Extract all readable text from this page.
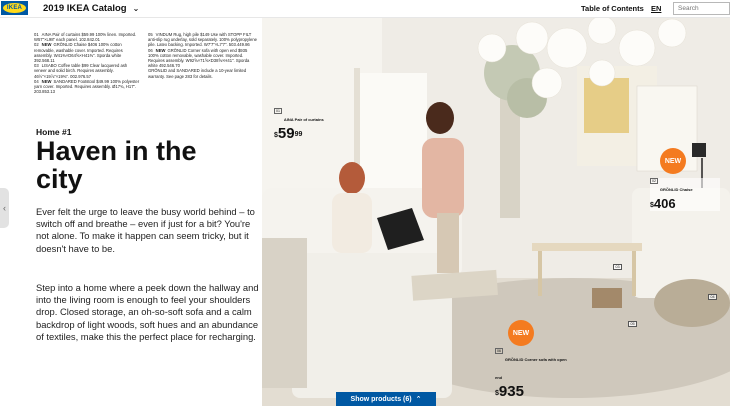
IKEA 2019 IKEA Catalog ⌄	Table of Contents EN
Search
‹

01 AINA Pair of curtains $59.99 100% linen. Imported. W57"×L98" each panel. 102.842.01

02 NEW GRÖNLID Chaise $406 100% cotton removable, washable cover. Imported. Requires assembly. W41⅜×D64⅝×H41⅜". Sporda white 392.568.11

03 LISABO Coffee table $99 Clear lacquered ash veneer and solid birch. Requires assembly. 46½"×19⅞"×19⅜". 002.976.57

04 NEW SANDARED Footstool $49.99 100% polyester yarn cover. Imported. Requires assembly. Ø17¾, H17". 203.853.13

05 VINDUM Rug, high pile $149 Use with STOPP FILT anti-slip rug underlay, sold separately. 100% polypropylene pile. Latex backing. Imported. W7'7"×L7'7". 503.449.86

06 NEW GRÖNLID Corner sofa with open end $935 100% cotton removable, washable cover. Imported. Requires assembly. W92⅝×71⅝×D38⅝×H41". Sporda white 492.546.70

GRÖNLID and SANDARED include a 10-year limited warranty. See page 283 for details.

Home #1
Haven in the city
Ever felt the urge to leave the busy world behind – to switch off and breathe – even if just for a bit? You're not alone. To make it happen can seem tricky, but it doesn't have to be.
Step into a home where a peek down the hallway and into the living room is enough to feel your shoulders drop. Closed storage, an oh-so-soft sofa and a calm backdrop of light woods, soft hues and an abundance of textiles, make this the perfect place for recharging.
01AINA Pair of curtains
$^{\$}59^{99}$
NEW
02GRÖNLID Chaise
$406
NEW
06GRÖNLID Corner sofa with open end
$935
03
04
05
Show products (6) ⌃
